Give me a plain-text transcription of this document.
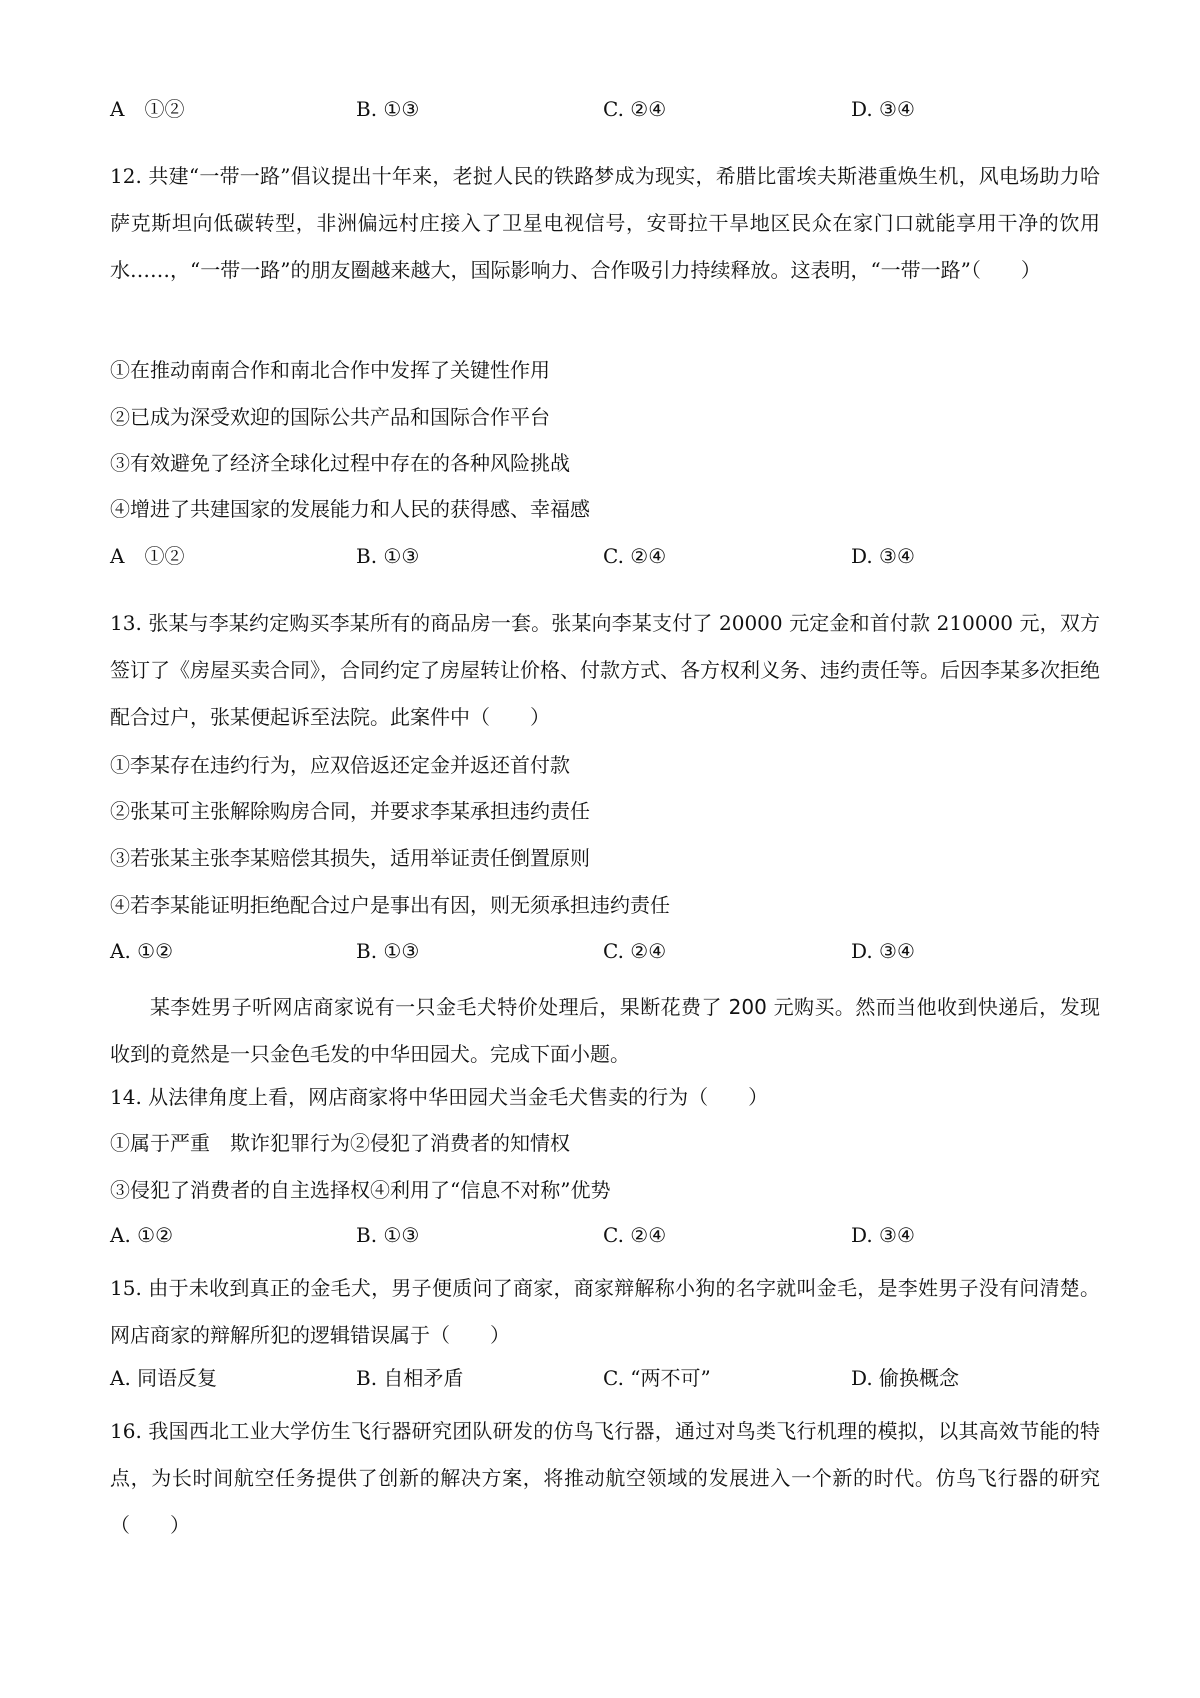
A　①②	B. ①③	C. ②④	D. ③④
12. 共建“一带一路”倡议提出十年来，老挝人民的铁路梦成为现实，希腊比雷埃夫斯港重焕生机，风电场助力哈萨克斯坦向低碳转型，非洲偏远村庄接入了卫星电视信号，安哥拉干旱地区民众在家门口就能享用干净的饮用水……，“一带一路”的朋友圈越来越大，国际影响力、合作吸引力持续释放。这表明，“一带一路”（　　）
①在推动南南合作和南北合作中发挥了关键性作用
②已成为深受欢迎的国际公共产品和国际合作平台
③有效避免了经济全球化过程中存在的各种风险挑战
④增进了共建国家的发展能力和人民的获得感、幸福感
A　①②	B. ①③	C. ②④	D. ③④
13. 张某与李某约定购买李某所有的商品房一套。张某向李某支付了 20000 元定金和首付款 210000 元，双方签订了《房屋买卖合同》，合同约定了房屋转让价格、付款方式、各方权利义务、违约责任等。后因李某多次拒绝配合过户，张某便起诉至法院。此案件中（　　）
①李某存在违约行为，应双倍返还定金并返还首付款
②张某可主张解除购房合同，并要求李某承担违约责任
③若张某主张李某赔偿其损失，适用举证责任倒置原则
④若李某能证明拒绝配合过户是事出有因，则无须承担违约责任
A. ①②	B. ①③	C. ②④	D. ③④
某李姓男子听网店商家说有一只金毛犬特价处理后，果断花费了 200 元购买。然而当他收到快递后，发现收到的竟然是一只金色毛发的中华田园犬。完成下面小题。
14. 从法律角度上看，网店商家将中华田园犬当金毛犬售卖的行为（　　）
①属于严重　欺诈犯罪行为②侵犯了消费者的知情权
③侵犯了消费者的自主选择权④利用了“信息不对称”优势
A. ①②	B. ①③	C. ②④	D. ③④
15. 由于未收到真正的金毛犬，男子便质问了商家，商家辩解称小狗的名字就叫金毛，是李姓男子没有问清楚。网店商家的辩解所犯的逻辑错误属于（　　）
A. 同语反复	B. 自相矛盾	C. “两不可”	D. 偷换概念
16. 我国西北工业大学仿生飞行器研究团队研发的仿鸟飞行器，通过对鸟类飞行机理的模拟，以其高效节能的特点，为长时间航空任务提供了创新的解决方案，将推动航空领域的发展进入一个新的时代。仿鸟飞行器的研究（　　）
